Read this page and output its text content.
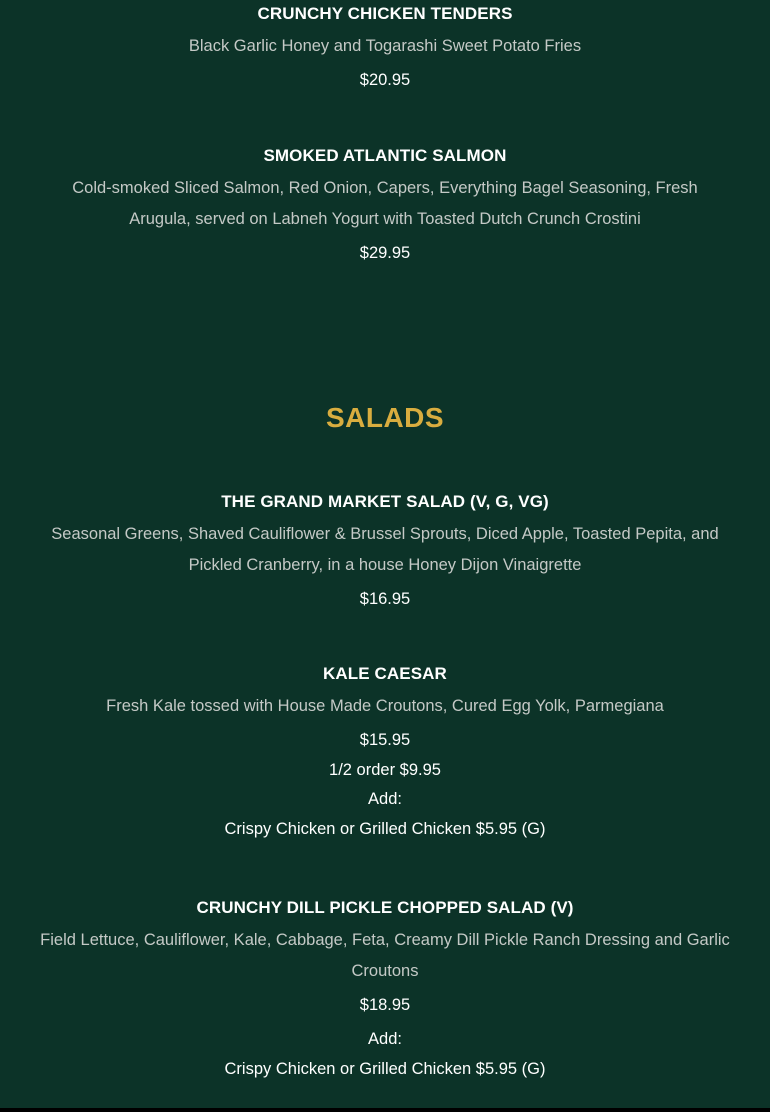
CRUNCHY CHICKEN TENDERS
Black Garlic Honey and Togarashi Sweet Potato Fries
$20.95
SMOKED ATLANTIC SALMON
Cold-smoked Sliced Salmon, Red Onion, Capers, Everything Bagel Seasoning, Fresh Arugula, served on Labneh Yogurt with Toasted Dutch Crunch Crostini
$29.95
SALADS
THE GRAND MARKET SALAD (V, G, VG)
Seasonal Greens, Shaved Cauliflower & Brussel Sprouts, Diced Apple, Toasted Pepita, and Pickled Cranberry, in a house Honey Dijon Vinaigrette
$16.95
KALE CAESAR
Fresh Kale tossed with House Made Croutons, Cured Egg Yolk, Parmegiana
$15.95
1/2 order $9.95
Add:
Crispy Chicken or Grilled Chicken $5.95 (G)
CRUNCHY DILL PICKLE CHOPPED SALAD (V)
Field Lettuce, Cauliflower, Kale, Cabbage, Feta, Creamy Dill Pickle Ranch Dressing and Garlic Croutons
$18.95
Add:
Crispy Chicken or Grilled Chicken $5.95 (G)
